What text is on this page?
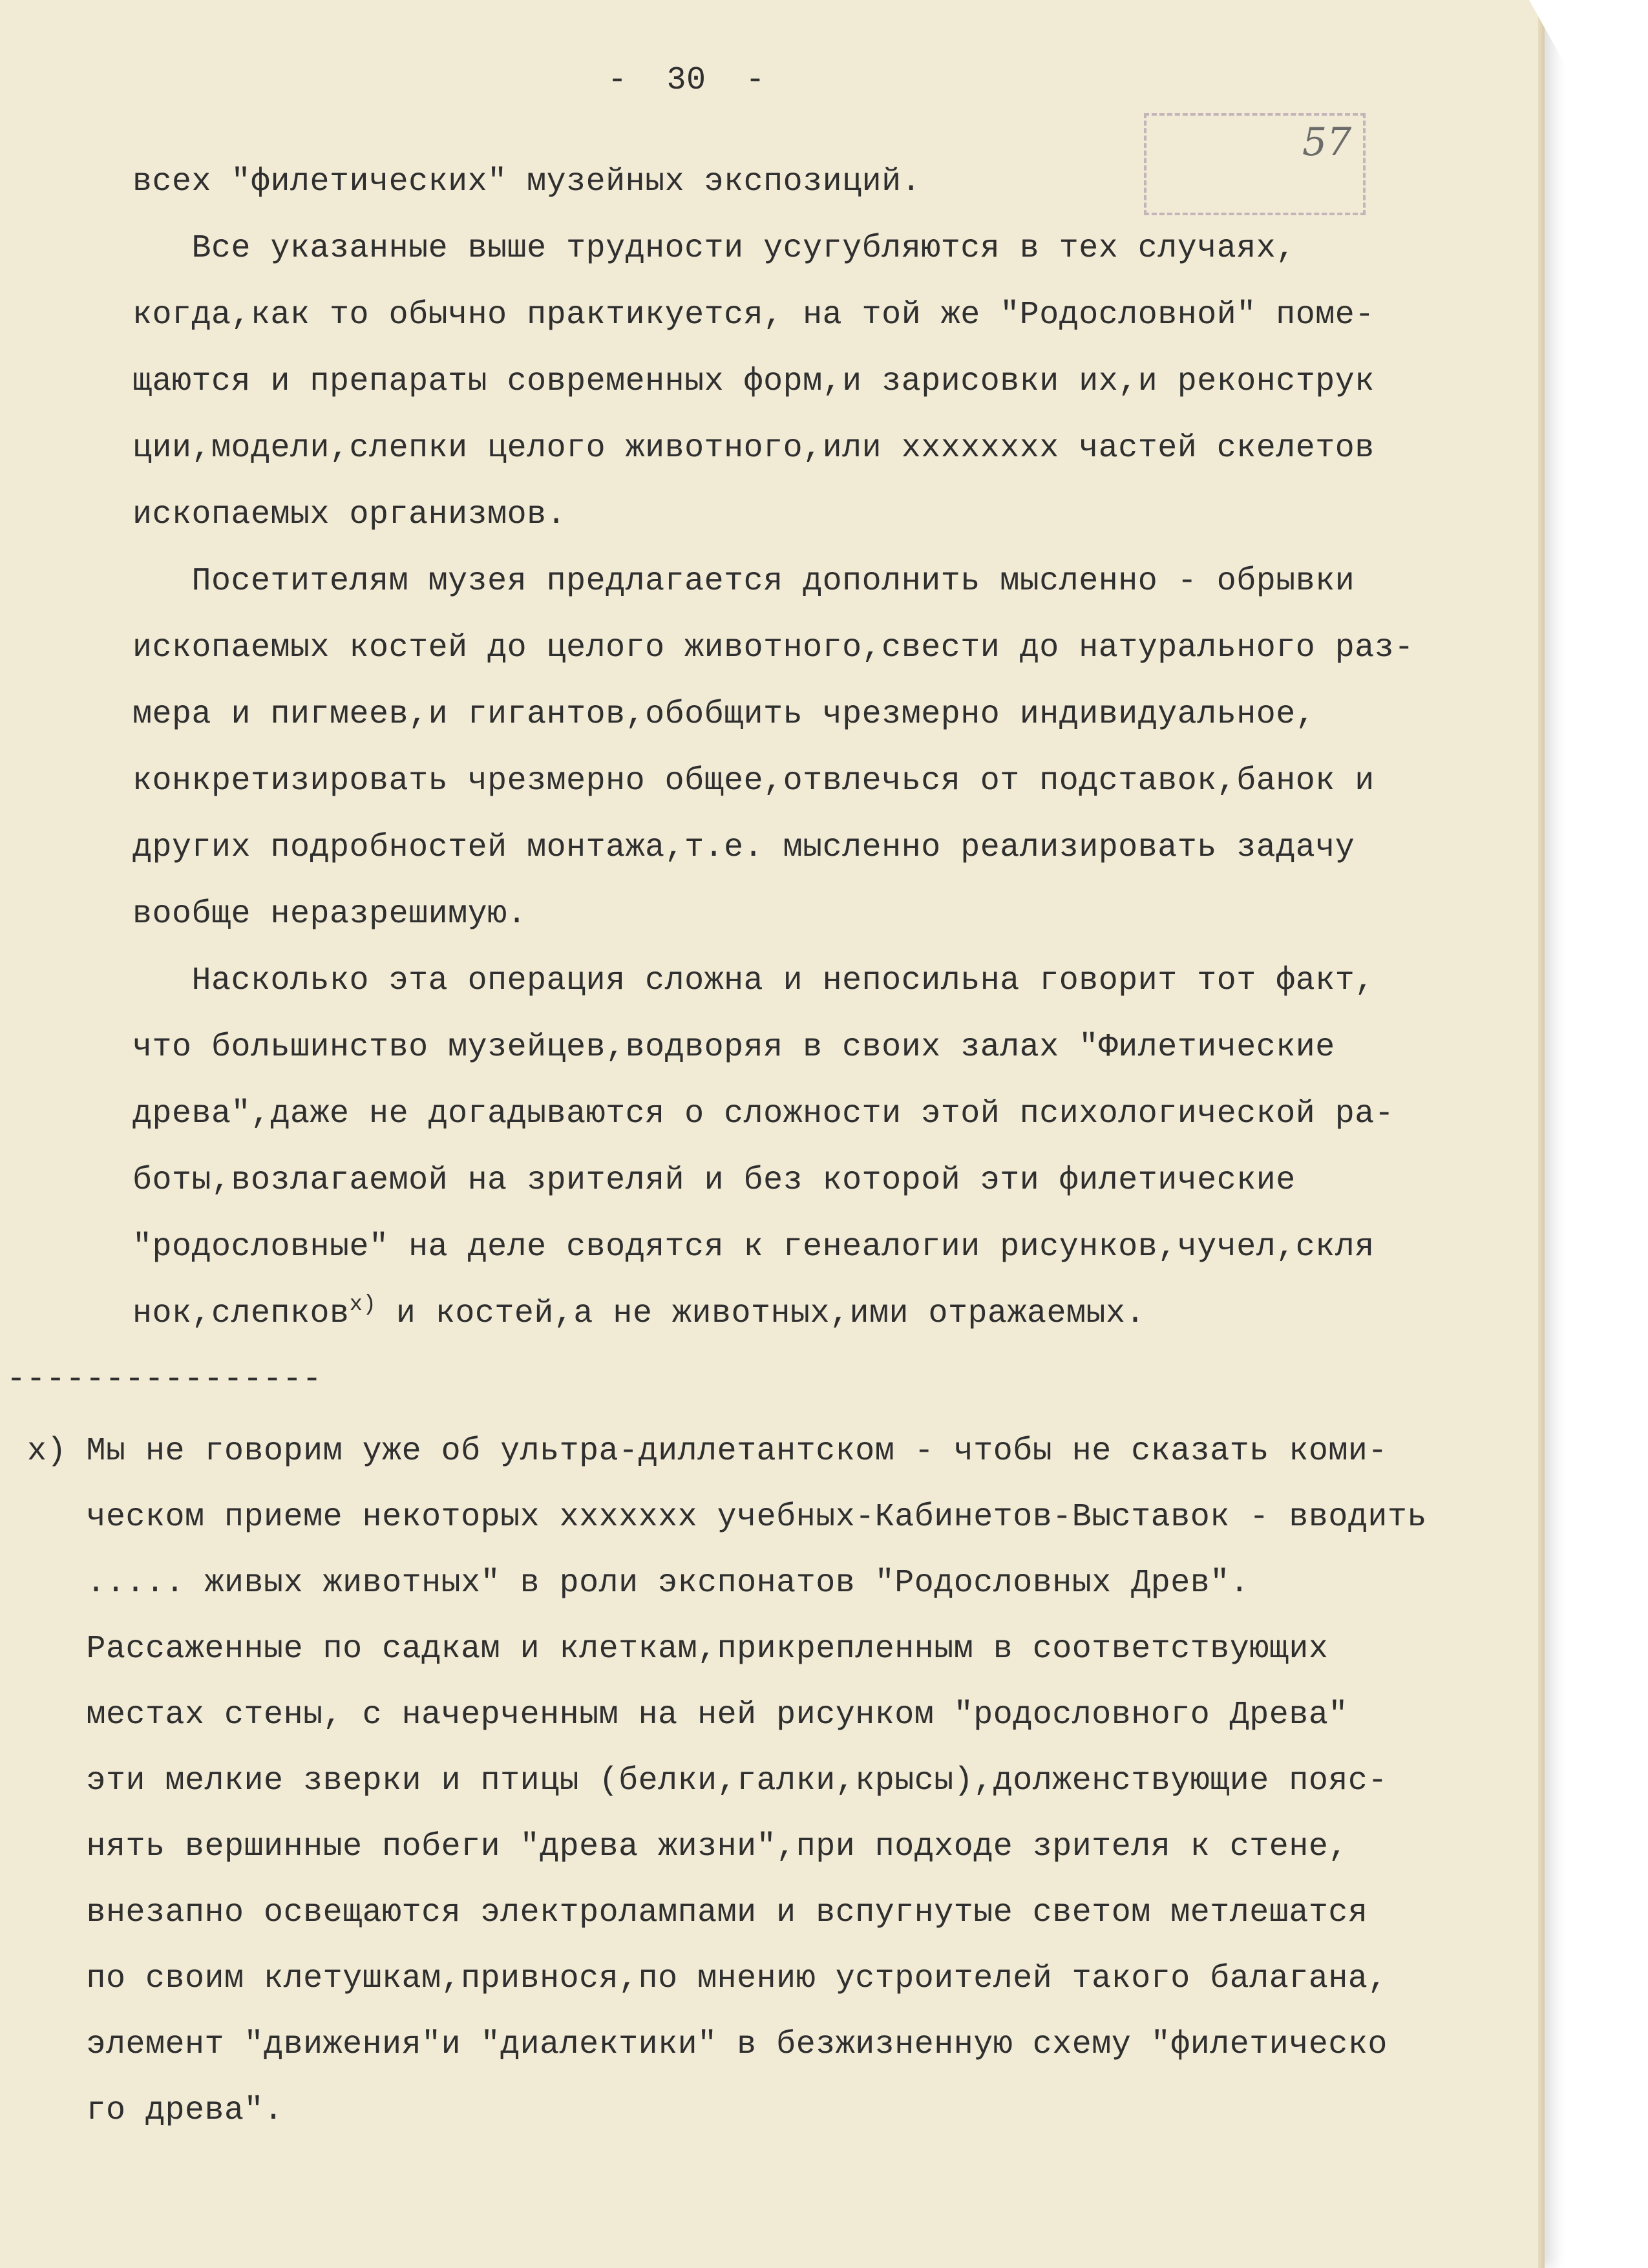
57

-  30  -

всех "филетических" музейных экспозиций.

Все указанные выше трудности усугубляются в тех случаях,

когда,как то обычно практикуется, на той же "Родословной" поме-

щаются и препараты современных форм,и зарисовки их,и реконструк

ции,модели,слепки целого животного,или хххххххх частей скелетов

ископаемых организмов.

Посетителям музея предлагается дополнить мысленно - обрывки

ископаемых костей до целого животного,свести до натурального раз-

мера и пигмеев,и гигантов,обобщить чрезмерно индивидуальное,

конкретизировать чрезмерно общее,отвлечься от подставок,банок и

других подробностей монтажа,т.е. мысленно реализировать задачу

вообще неразрешимую.

Насколько эта операция сложна и непосильна говорит тот факт,

что большинство музейцев,водворяя в своих залах "Филетические

древа",даже не догадываются о сложности этой психологической ра-

боты,возлагаемой на зрителяй и без которой эти филетические

"родословные" на деле сводятся к генеалогии рисунков,чучел,скля

нок,слепков$^{х)}$ и костей,а не животных,ими отражаемых.

----------------

х) Мы не говорим уже об ультра-диллетантском - чтобы не сказать коми-

ческом приеме некоторых ххххххх учебных-Кабинетов-Выставок - вводить

..... живых животных" в роли экспонатов "Родословных Древ".

Рассаженные по садкам и клеткам,прикрепленным в соответствующих

местах стены, с начерченным на ней рисунком "родословного Древа"

эти мелкие зверки и птицы (белки,галки,крысы),долженствующие пояс-

нять вершинные побеги "древа жизни",при подходе зрителя к стене,

внезапно освещаются электролампами и вспугнутые светом метлешатся

по своим клетушкам,привнося,по мнению устроителей такого балагана,

элемент "движения"и "диалектики" в безжизненную схему "филетическо

го древа".
